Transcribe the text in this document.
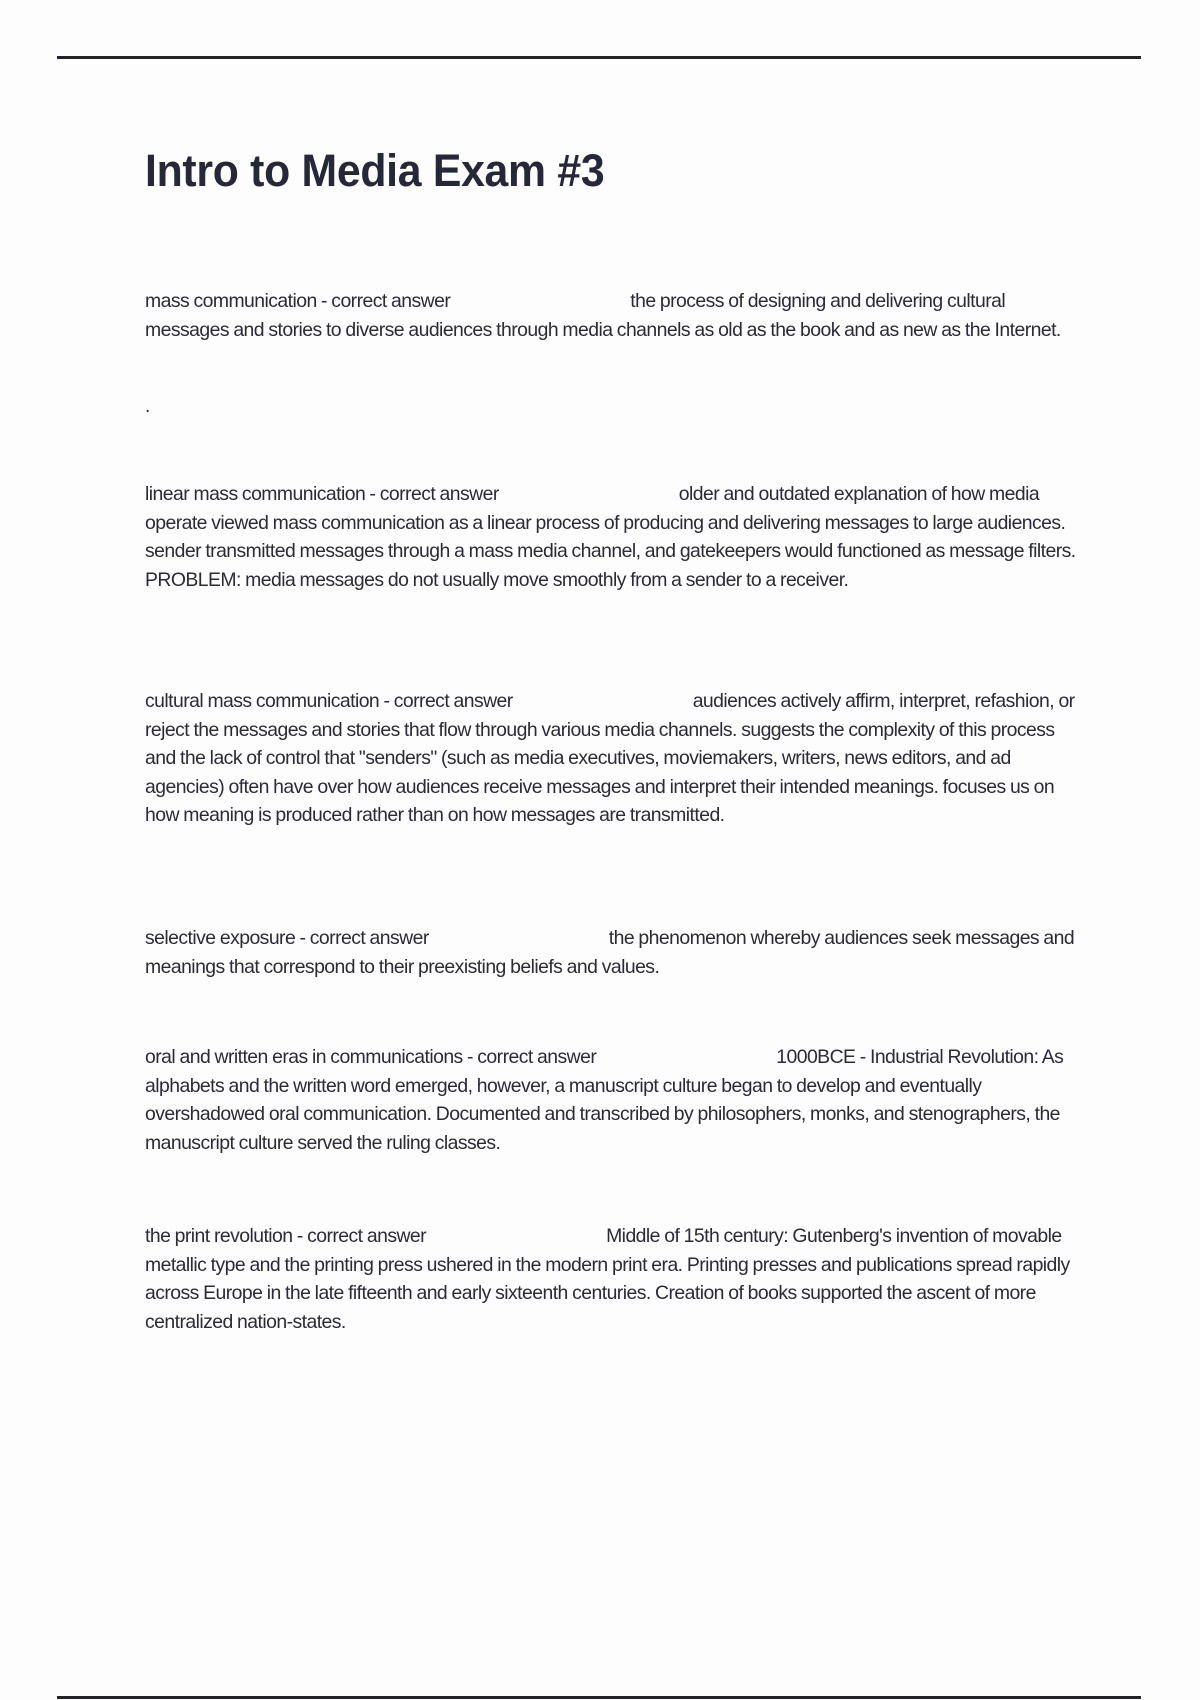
Intro to Media Exam #3
mass communication - correct answer	the process of designing and delivering cultural messages and stories to diverse audiences through media channels as old as the book and as new as the Internet.
linear mass communication - correct answer	older and outdated explanation of how media operate viewed mass communication as a linear process of producing and delivering messages to large audiences. sender transmitted messages through a mass media channel, and gatekeepers would functioned as message filters. PROBLEM: media messages do not usually move smoothly from a sender to a receiver.
cultural mass communication - correct answer	audiences actively affirm, interpret, refashion, or reject the messages and stories that flow through various media channels. suggests the complexity of this process and the lack of control that "senders" (such as media executives, moviemakers, writers, news editors, and ad agencies) often have over how audiences receive messages and interpret their intended meanings. focuses us on how meaning is produced rather than on how messages are transmitted.
selective exposure - correct answer	the phenomenon whereby audiences seek messages and meanings that correspond to their preexisting beliefs and values.
oral and written eras in communications - correct answer	1000BCE - Industrial Revolution: As alphabets and the written word emerged, however, a manuscript culture began to develop and eventually overshadowed oral communication. Documented and transcribed by philosophers, monks, and stenographers, the manuscript culture served the ruling classes.
the print revolution - correct answer	Middle of 15th century: Gutenberg's invention of movable metallic type and the printing press ushered in the modern print era. Printing presses and publications spread rapidly across Europe in the late fifteenth and early sixteenth centuries. Creation of books supported the ascent of more centralized nation-states.
.
